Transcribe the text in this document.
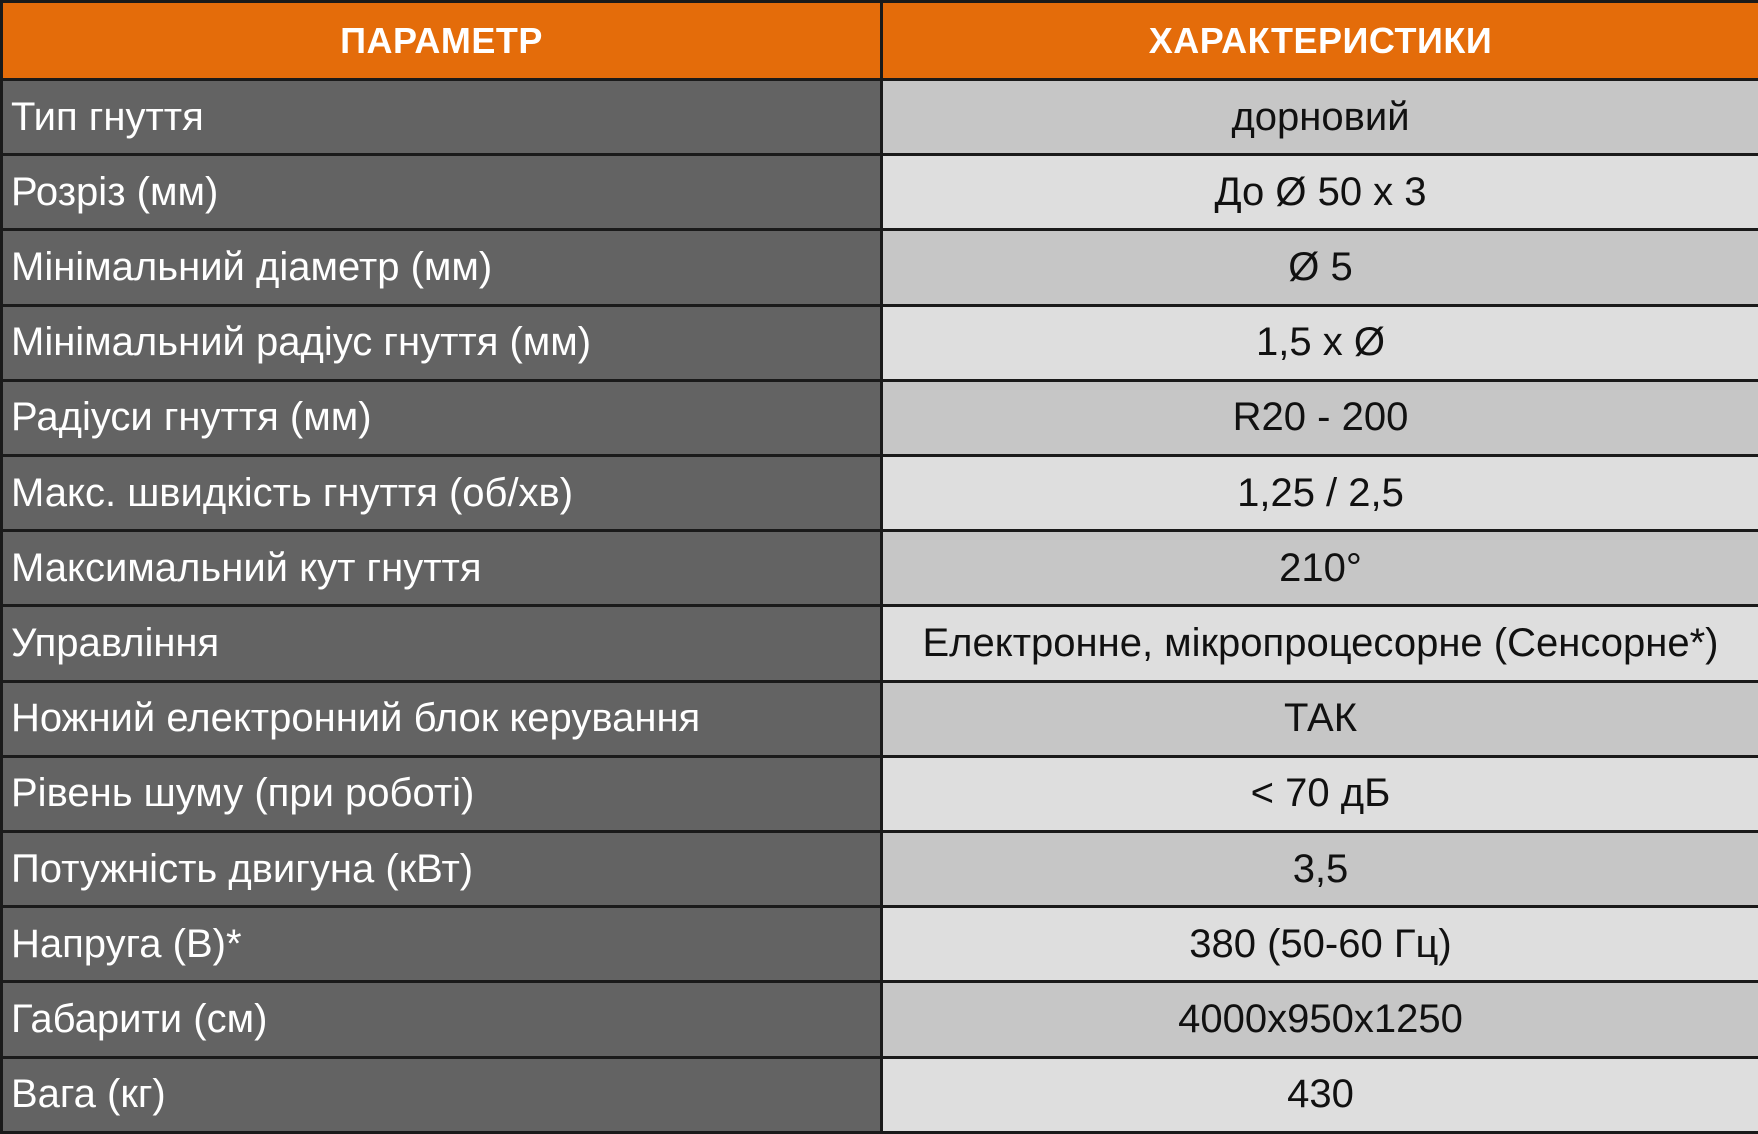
ПАРАМЕТР	ХАРАКТЕРИСТИКИ
Тип гнуття	дорновий
Розріз (мм)	До Ø 50 x 3
Мінімальний діаметр (мм)	Ø 5
Мінімальний радіус гнуття (мм)	1,5 x Ø
Радіуси гнуття (мм)	R20 - 200
Макс. швидкість гнуття (об/хв)	1,25 / 2,5
Максимальний кут гнуття	210°
Управління	Електронне, мікропроцесорне (Сенсорне*)
Ножний електронний блок керування	ТАК
Рівень шуму (при роботі)	< 70 дБ
Потужність двигуна (кВт)	3,5
Напруга (В)*	380 (50-60 Гц)
Габарити (см)	4000x950x1250
Вага (кг)	430
